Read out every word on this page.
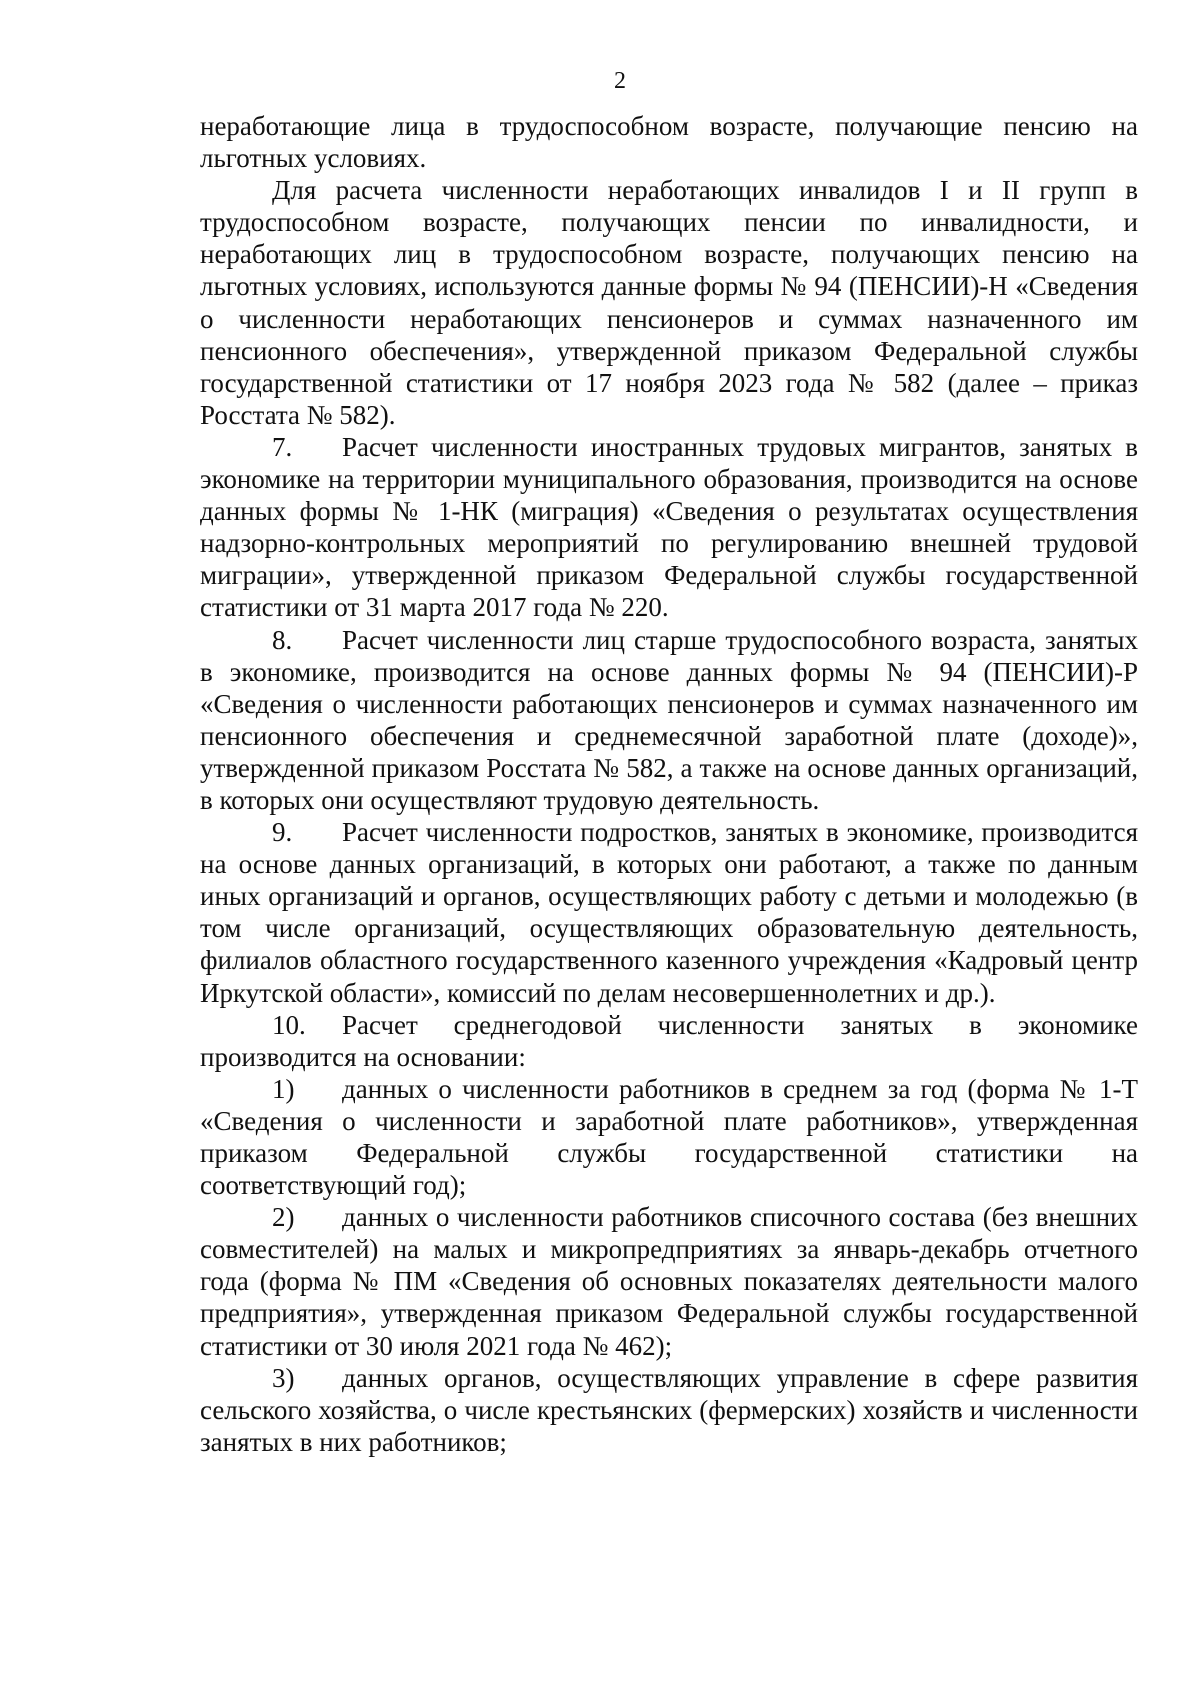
2

неработающие лица в трудоспособном возрасте, получающие пенсию на льготных условиях.

Для расчета численности неработающих инвалидов I и II групп в трудоспособном возрасте, получающих пенсии по инвалидности, и неработающих лиц в трудоспособном возрасте, получающих пенсию на льготных условиях, используются данные формы № 94 (ПЕНСИИ)-Н «Сведения о численности неработающих пенсионеров и суммах назначенного им пенсионного обеспечения», утвержденной приказом Федеральной службы государственной статистики от 17 ноября 2023 года № 582 (далее – приказ Росстата № 582).

7. Расчет численности иностранных трудовых мигрантов, занятых в экономике на территории муниципального образования, производится на основе данных формы № 1-НК (миграция) «Сведения о результатах осуществления надзорно-контрольных мероприятий по регулированию внешней трудовой миграции», утвержденной приказом Федеральной службы государственной статистики от 31 марта 2017 года № 220.

8. Расчет численности лиц старше трудоспособного возраста, занятых в экономике, производится на основе данных формы № 94 (ПЕНСИИ)-Р «Сведения о численности работающих пенсионеров и суммах назначенного им пенсионного обеспечения и среднемесячной заработной плате (доходе)», утвержденной приказом Росстата № 582, а также на основе данных организаций, в которых они осуществляют трудовую деятельность.

9. Расчет численности подростков, занятых в экономике, производится на основе данных организаций, в которых они работают, а также по данным иных организаций и органов, осуществляющих работу с детьми и молодежью (в том числе организаций, осуществляющих образовательную деятельность, филиалов областного государственного казенного учреждения «Кадровый центр Иркутской области», комиссий по делам несовершеннолетних и др.).

10. Расчет среднегодовой численности занятых в экономике производится на основании:

1) данных о численности работников в среднем за год (форма № 1-Т «Сведения о численности и заработной плате работников», утвержденная приказом Федеральной службы государственной статистики на соответствующий год);

2) данных о численности работников списочного состава (без внешних совместителей) на малых и микропредприятиях за январь-декабрь отчетного года (форма № ПМ «Сведения об основных показателях деятельности малого предприятия», утвержденная приказом Федеральной службы государственной статистики от 30 июля 2021 года № 462);

3) данных органов, осуществляющих управление в сфере развития сельского хозяйства, о числе крестьянских (фермерских) хозяйств и численности занятых в них работников;
